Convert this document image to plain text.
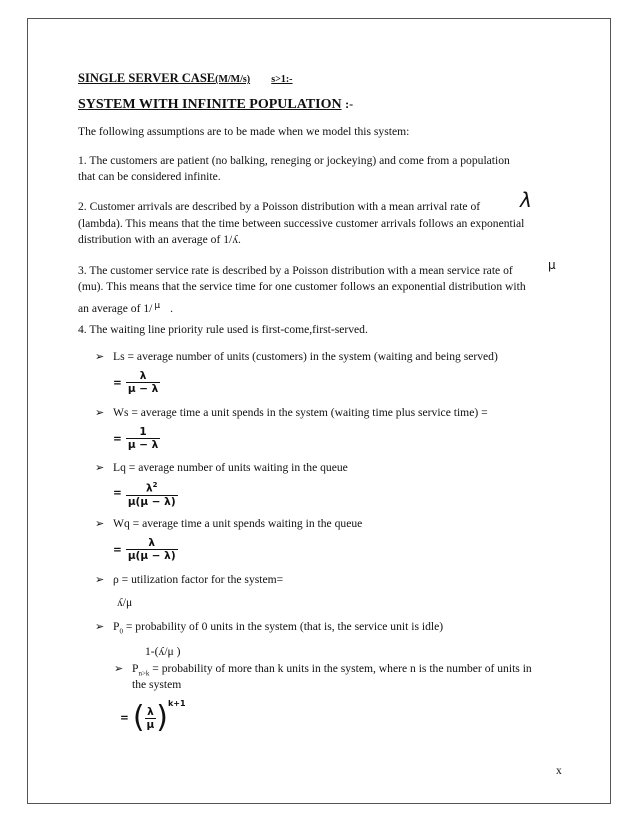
SINGLE SERVER CASE(M/M/s) s>1:-
SYSTEM WITH INFINITE POPULATION :-
The following assumptions are to be made when we model this system:
1. The customers are patient (no balking, reneging or jockeying) and come from a population
that can be considered infinite.
2. Customer arrivals are described by a Poisson distribution with a mean arrival rate of λ
(lambda). This means that the time between successive customer arrivals follows an exponential
distribution with an average of 1/ʎ.
3. The customer service rate is described by a Poisson distribution with a mean service rate of	μ
(mu). This means that the service time for one customer follows an exponential distribution with
an average of 1/ $^\mu$ .
4. The waiting line priority rule used is first-come,first-served.
➢ Ls = average number of units (customers) in the system (waiting and being served)
= $\frac{\lambda}{\mu - \lambda}$
➢ Ws = average time a unit spends in the system (waiting time plus service time) =
= $\frac{1}{\mu - \lambda}$
➢ Lq = average number of units waiting in the queue
= $\frac{\lambda^2}{\mu(\mu - \lambda)}$
➢ Wq = average time a unit spends waiting in the queue
= $\frac{\lambda}{\mu(\mu - \lambda)}$
➢ ρ = utilization factor for the system=
ʎ/μ
➢ $P_0$ = probability of 0 units in the system (that is, the service unit is idle)
1-(ʎ/μ )
➢ $P_{n>k}$ = probability of more than k units in the system, where n is the number of units in
the system
= ( $\frac{\lambda}{\mu}$ ) k+1
x
